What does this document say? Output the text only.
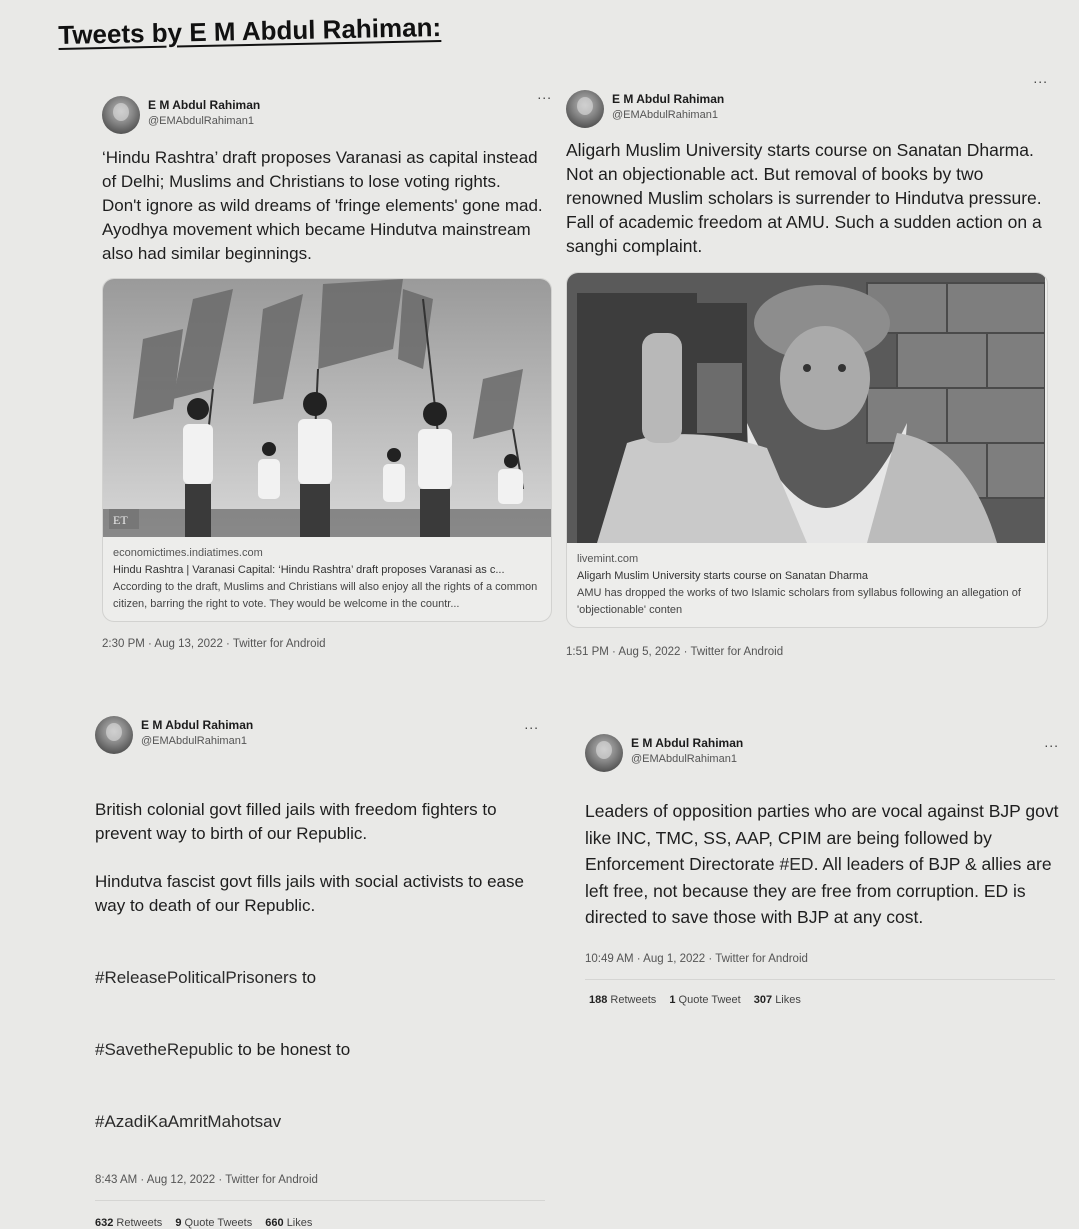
Tweets by E M Abdul Rahiman:
E M Abdul Rahiman
@EMAbdulRahiman1
...

‘Hindu Rashtra’ draft proposes Varanasi as capital instead of Delhi; Muslims and Christians to lose voting rights.
Don't ignore as wild dreams of 'fringe elements' gone mad. Ayodhya movement which became Hindutva mainstream also had similar beginnings.

ET
economictimes.indiatimes.com
Hindu Rashtra | Varanasi Capital: ‘Hindu Rashtra’ draft proposes Varanasi as c...
According to the draft, Muslims and Christians will also enjoy all the rights of a common citizen, barring the right to vote. They would be welcome in the countr...
2:30 PM · Aug 13, 2022 · Twitter for Android
E M Abdul Rahiman
@EMAbdulRahiman1
...

Aligarh Muslim University starts course on Sanatan Dharma. Not an objectionable act. But removal of books by two renowned Muslim scholars is surrender to Hindutva pressure. Fall of academic freedom at AMU. Such a sudden action on a sanghi complaint.

livemint.com
Aligarh Muslim University starts course on Sanatan Dharma
AMU has dropped the works of two Islamic scholars from syllabus following an allegation of 'objectionable' conten
1:51 PM · Aug 5, 2022 · Twitter for Android
E M Abdul Rahiman
@EMAbdulRahiman1
...

British colonial govt filled jails with freedom fighters to prevent way to birth of our Republic.

Hindutva fascist govt fills jails with social activists to ease way to death of our Republic.

#ReleasePoliticalPrisoners to

#SavetheRepublic to be honest to

#AzadiKaAmritMahotsav

8:43 AM · Aug 12, 2022 · Twitter for Android
632 Retweets 9 Quote Tweets 660 Likes
E M Abdul Rahiman
@EMAbdulRahiman1
...

Leaders of opposition parties who are vocal against BJP govt like INC, TMC, SS, AAP, CPIM are being followed by Enforcement Directorate #ED. All leaders of BJP & allies are left free, not because they are free from corruption. ED is directed to save those with BJP at any cost.

10:49 AM · Aug 1, 2022 · Twitter for Android
188 Retweets 1 Quote Tweet 307 Likes
